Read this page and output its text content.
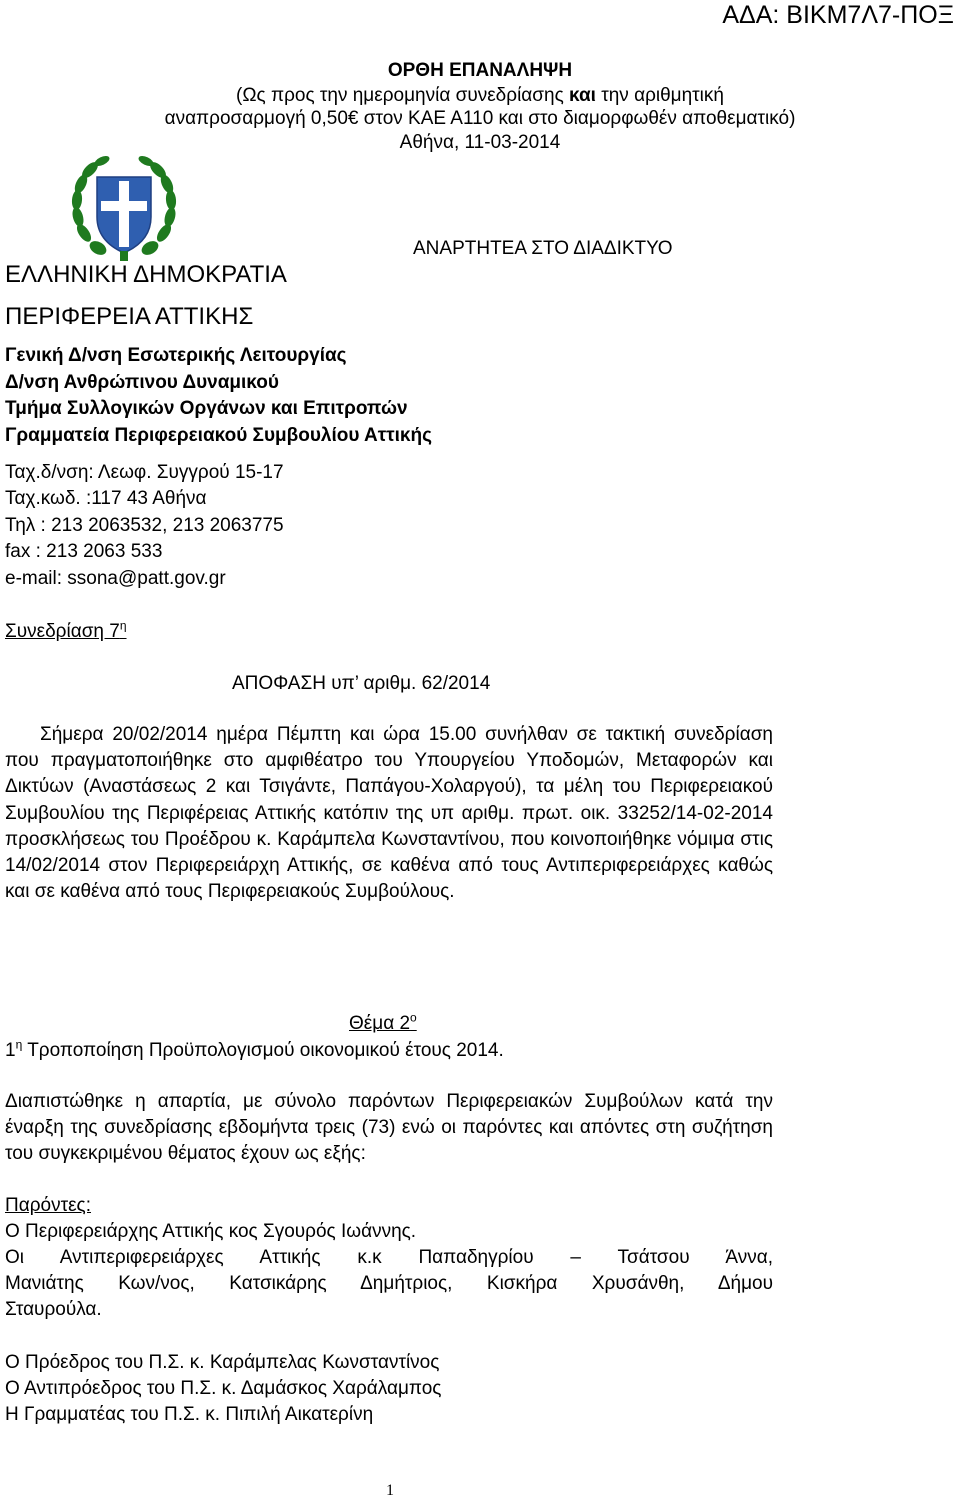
ΑΔΑ: ΒΙΚΜ7Λ7-ΠΟΞ
ΟΡΘΗ ΕΠΑΝΑΛΗΨΗ
(Ως προς την ημερομηνία συνεδρίασης και την αριθμητική
αναπροσαρμογή 0,50€ στον ΚΑΕ Α110 και στο διαμορφωθέν αποθεματικό)
Αθήνα, 11-03-2014
ΑΝΑΡΤΗΤΕΑ ΣΤΟ ΔΙΑΔΙΚΤΥΟ
ΕΛΛΗΝΙΚΗ ΔΗΜΟΚΡΑΤΙΑ
ΠΕΡΙΦΕΡΕΙΑ ΑΤΤΙΚΗΣ
Γενική Δ/νση Εσωτερικής Λειτουργίας
Δ/νση Ανθρώπινου Δυναμικού
Τμήμα Συλλογικών Οργάνων και Επιτροπών
Γραμματεία Περιφερειακού Συμβουλίου Αττικής
Ταχ.δ/νση: Λεωφ. Συγγρού 15-17
Ταχ.κωδ. :117 43 Αθήνα
Τηλ : 213 2063532, 213 2063775
fax : 213 2063 533
e-mail: ssona@patt.gov.gr
Συνεδρίαση $7^\eta$
ΑΠΟΦΑΣΗ υπ’ αριθμ. 62/2014
Σήμερα 20/02/2014 ημέρα Πέμπτη και ώρα 15.00 συνήλθαν σε τακτική συνεδρίαση που πραγματοποιήθηκε στο αμφιθέατρο του Υπουργείου Υποδομών, Μεταφορών και Δικτύων (Αναστάσεως 2 και Τσιγάντε, Παπάγου-Χολαργού), τα μέλη του Περιφερειακού Συμβουλίου της Περιφέρειας Αττικής κατόπιν της υπ αριθμ. πρωτ. οικ. 33252/14-02-2014 προσκλήσεως του Προέδρου κ. Καράμπελα Κωνσταντίνου, που κοινοποιήθηκε νόμιμα στις 14/02/2014 στον Περιφερειάρχη Αττικής, σε καθένα από τους Αντιπεριφερειάρχες καθώς και σε καθένα από τους Περιφερειακούς Συμβούλους.
Θέμα $2^o$
$1^\eta$ Τροποποίηση Προϋπολογισμού οικονομικού έτους 2014.
Διαπιστώθηκε η απαρτία, με σύνολο παρόντων Περιφερειακών Συμβούλων κατά την έναρξη της συνεδρίασης εβδομήντα τρεις (73) ενώ οι παρόντες και απόντες στη συζήτηση του συγκεκριμένου θέματος έχουν ως εξής:
Παρόντες:
Ο Περιφερειάρχης Αττικής κος Σγουρός Ιωάννης.
Οι Αντιπεριφερειάρχες Αττικής κ.κ Παπαδηγρίου – Τσάτσου Άννα,
Μανιάτης Κων/νος, Κατσικάρης Δημήτριος, Κισκήρα Χρυσάνθη, Δήμου
Σταυρούλα.
Ο Πρόεδρος του Π.Σ. κ. Καράμπελας Κωνσταντίνος
Ο Αντιπρόεδρος του Π.Σ. κ. Δαμάσκος Χαράλαμπος
Η Γραμματέας του Π.Σ. κ. Πιπιλή Αικατερίνη
1
